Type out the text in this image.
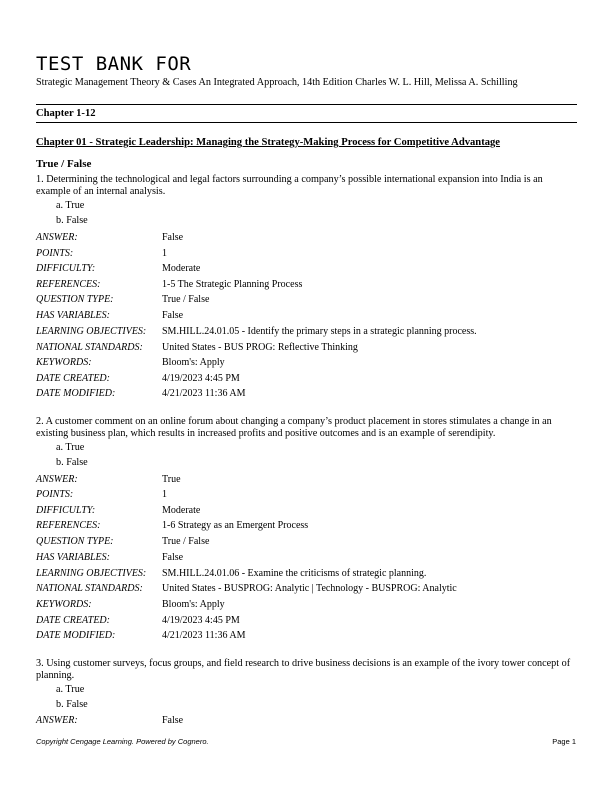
TEST BANK FOR
Strategic Management Theory & Cases An Integrated Approach, 14th Edition Charles W. L. Hill, Melissa A. Schilling
Chapter 1-12
Chapter 01 - Strategic Leadership: Managing the Strategy-Making Process for Competitive Advantage
True / False
1. Determining the technological and legal factors surrounding a company’s possible international expansion into India is an example of an internal analysis.
a. True
b. False
ANSWER:	False
POINTS:	1
DIFFICULTY:	Moderate
REFERENCES:	1-5 The Strategic Planning Process
QUESTION TYPE:	True / False
HAS VARIABLES:	False
LEARNING OBJECTIVES: SM.HILL.24.01.05 - Identify the primary steps in a strategic planning process.
NATIONAL STANDARDS: United States - BUS PROG: Reflective Thinking
KEYWORDS:	Bloom's: Apply
DATE CREATED:	4/19/2023 4:45 PM
DATE MODIFIED:	4/21/2023 11:36 AM
2. A customer comment on an online forum about changing a company’s product placement in stores stimulates a change in an existing business plan, which results in increased profits and positive outcomes and is an example of serendipity.
a. True
b. False
ANSWER:	True
POINTS:	1
DIFFICULTY:	Moderate
REFERENCES:	1-6 Strategy as an Emergent Process
QUESTION TYPE:	True / False
HAS VARIABLES:	False
LEARNING OBJECTIVES: SM.HILL.24.01.06 - Examine the criticisms of strategic planning.
NATIONAL STANDARDS: United States - BUSPROG: Analytic | Technology - BUSPROG: Analytic
KEYWORDS:	Bloom's: Apply
DATE CREATED:	4/19/2023 4:45 PM
DATE MODIFIED:	4/21/2023 11:36 AM
3. Using customer surveys, focus groups, and field research to drive business decisions is an example of the ivory tower concept of planning.
a. True
b. False
ANSWER:	False
Copyright Cengage Learning. Powered by Cognero.	Page 1
